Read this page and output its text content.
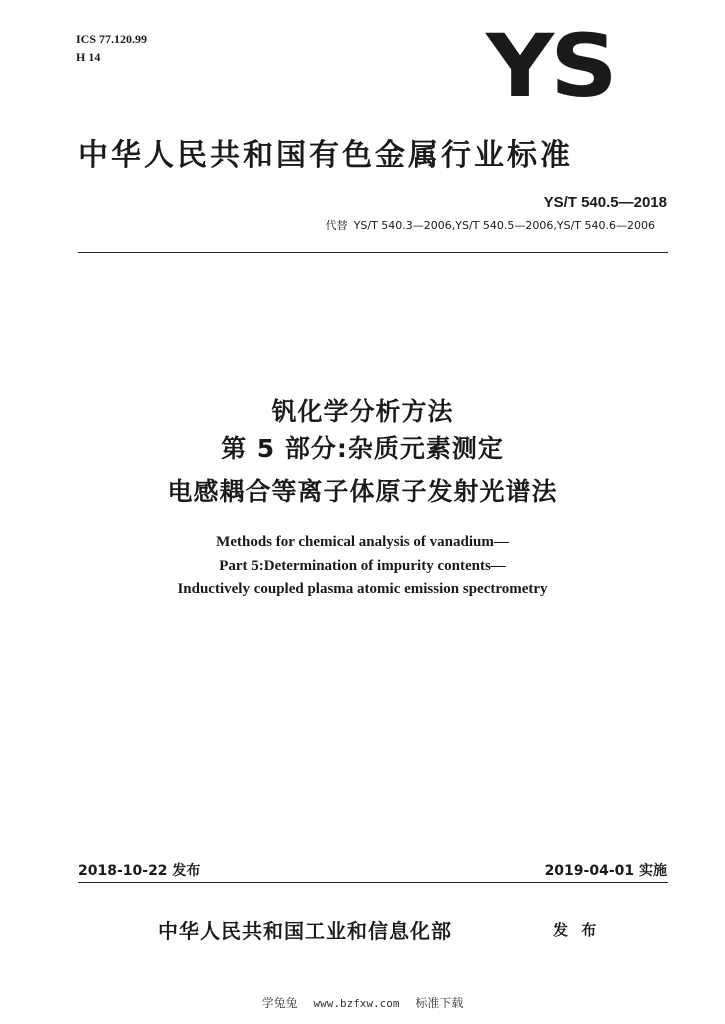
ICS 77.120.99
H 14	YS
中华人民共和国有色金属行业标准
YS/T 540.5—2018
代替 YS/T 540.3—2006,YS/T 540.5—2006,YS/T 540.6—2006
钒化学分析方法
第 5 部分:杂质元素测定
电感耦合等离子体原子发射光谱法
Methods for chemical analysis of vanadium—
Part 5:Determination of impurity contents—
Inductively coupled plasma atomic emission spectrometry
2018-10-22 发布	2019-04-01 实施
中华人民共和国工业和信息化部	发 布
学兔兔 www.bzfxw.com 标准下载
